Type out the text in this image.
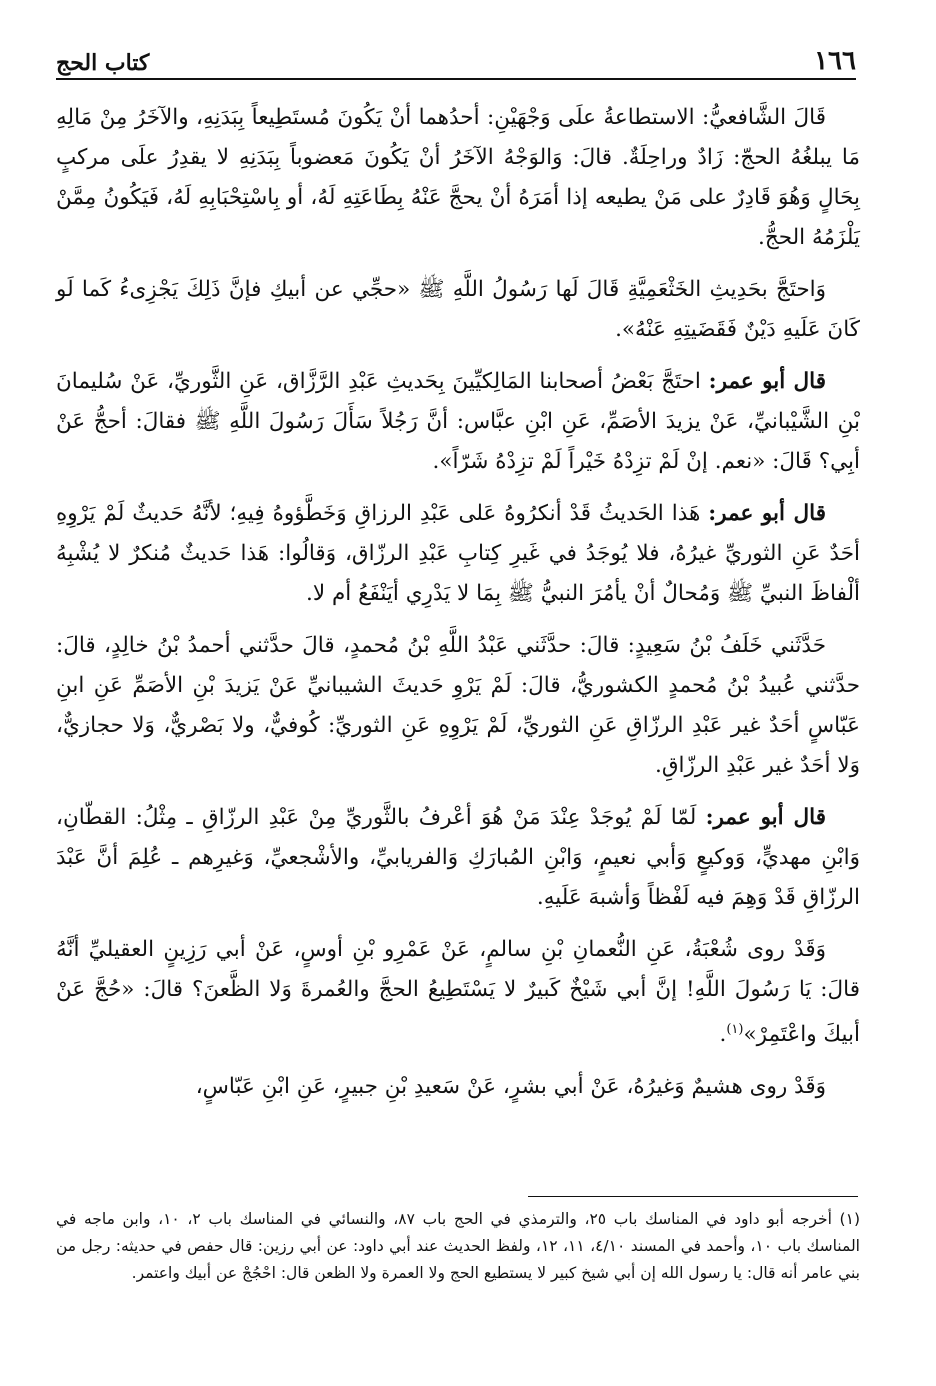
١٦٦
كتاب الحج

قَالَ الشَّافعيُّ: الاستطاعةُ علَى وَجْهَيْنِ: أحدُهما أنْ يَكُونَ مُستَطِيعاً بِبَدَنِهِ، والآخَرُ مِنْ مَالِهِ مَا يبلغُهُ الحجّ: زَادٌ وراحِلَةٌ. قالَ: وَالوَجْهُ الآخَرُ أنْ يَكُونَ مَعضوباً بِبَدَنِهِ لا يقدِرُ علَى مركبٍ بِحَالٍ وَهُوَ قَادِرٌ على مَنْ يطيعه إذا أمَرَهُ أنْ يحجَّ عَنْهُ بِطَاعَتِهِ لَهُ، أو بِاسْتِحْبَابِهِ لَهُ، فَيَكُونُ مِمَّنْ يَلْزَمُهُ الحجُّ.

وَاحتَجَّ بحَدِيثِ الخَثْعَمِيَّةِ قَالَ لَها رَسُولُ اللَّهِ ﷺ «حجِّي عن أبيكِ فإنَّ ذَلِكَ يَجْزِىءُ كَما لَو كَانَ عَلَيهِ دَيْنٌ فَقَضَيتِهِ عَنْهُ».

قال أبو عمر: احتَجَّ بَعْضُ أصحابنا المَالِكيِّينَ بِحَديثِ عَبْدِ الرَّزَّاق، عَنِ الثَّوريِّ، عَنْ سُليمانَ بْنِ الشَّيْبانيِّ، عَنْ يزيدَ الأصَمِّ، عَنِ ابْنِ عبَّاس: أنَّ رَجُلاً سَأَلَ رَسُولَ اللَّهِ ﷺ فقالَ: أحجُّ عَنْ أبِي؟ قَالَ: «نعم. إنْ لَمْ تزِدْهُ خَيْراً لَمْ تزِدْهُ شَرّاً».

قال أبو عمر: هَذا الحَديثُ قَدْ أنكرُوهُ عَلى عَبْدِ الرزاقِ وَخَطَّؤوهُ فِيهِ؛ لأنَّهُ حَديثٌ لَمْ يَرْوِهِ أحَدٌ عَنِ الثوريِّ غيرُهُ، فلا يُوجَدُ في غَيرِ كِتابِ عَبْدِ الرزّاق، وَقالُوا: هَذا حَديثٌ مُنكرٌ لا يُشْبِهُ ألْفاظَ النبيِّ ﷺ وَمُحالٌ أنْ يأمُرَ النبيُّ ﷺ بِمَا لا يَدْرِي أيَنْفَعُ أم لا.

حَدَّثَني خَلَفُ بْنُ سَعِيدٍ: قالَ: حدَّثَني عَبْدُ اللَّهِ بْنُ مُحمدٍ، قالَ حدَّثني أحمدُ بْنُ خالِدٍ، قالَ: حدَّثني عُبيدُ بْنُ مُحمدٍ الكشوريُّ، قالَ: لَمْ يَرْوِ حَديثَ الشيبانيِّ عَنْ يَزيدَ بْنِ الأصَمِّ عَنِ ابنِ عَبّاسٍ أحَدٌ غير عَبْدِ الرزّاقِ عَنِ الثوريِّ، لَمْ يَرْوِهِ عَنِ الثوريِّ: كُوفيٌّ، ولا بَصْريٌّ، وَلا حجازيٌّ، وَلا أحَدٌ غير عَبْدِ الرزّاقِ.

قال أبو عمر: لَمّا لَمْ يُوجَدْ عِنْدَ مَنْ هُوَ أعْرفُ بالثَّوريِّ مِنْ عَبْدِ الرزّاقِ ـ مِثْلُ: القطّانِ، وَابْنِ مهديٍّ، وَوكيعٍ وَأبي نعيمٍ، وَابْنِ المُبارَكِ وَالفريابيِّ، والأشْجعيِّ، وَغيرِهم ـ عُلِمَ أنَّ عَبْدَ الرزّاقِ قَدْ وَهِمَ فيه لَفْظاً وَأشبهَ عَلَيهِ.

وَقَدْ روى شُعْبَةُ، عَنِ النُّعمانِ بْنِ سالمٍ، عَنْ عَمْرِو بْنِ أوسٍ، عَنْ أبي رَزِينٍ العقيليِّ أنَّهُ قالَ: يَا رَسُولَ اللَّهِ! إنَّ أبي شَيْخٌ كَبيرٌ لا يَسْتَطِيعُ الحجَّ والعُمرةَ وَلا الظَّعنَ؟ قالَ: «حُجَّ عَنْ أبيكَ واعْتَمِرْ»$^{(١)}$.

وَقَدْ روى هشيمٌ وَغيرُهُ، عَنْ أبي بشرٍ، عَنْ سَعيدِ بْنِ جبيرٍ، عَنِ ابْنِ عَبّاسٍ،

(١) أخرجه أبو داود في المناسك باب ٢٥، والترمذي في الحج باب ٨٧، والنسائي في المناسك باب ٢، ١٠، وابن ماجه في المناسك باب ١٠، وأحمد في المسند ٤/١٠، ١١، ١٢، ولفظ الحديث عند أبي داود: عن أبي رزين: قال حفص في حديثه: رجل من بني عامر أنه قال: يا رسول الله إن أبي شيخ كبير لا يستطيع الحج ولا العمرة ولا الظعن قال: احْجُجْ عن أبيك واعتمر.
